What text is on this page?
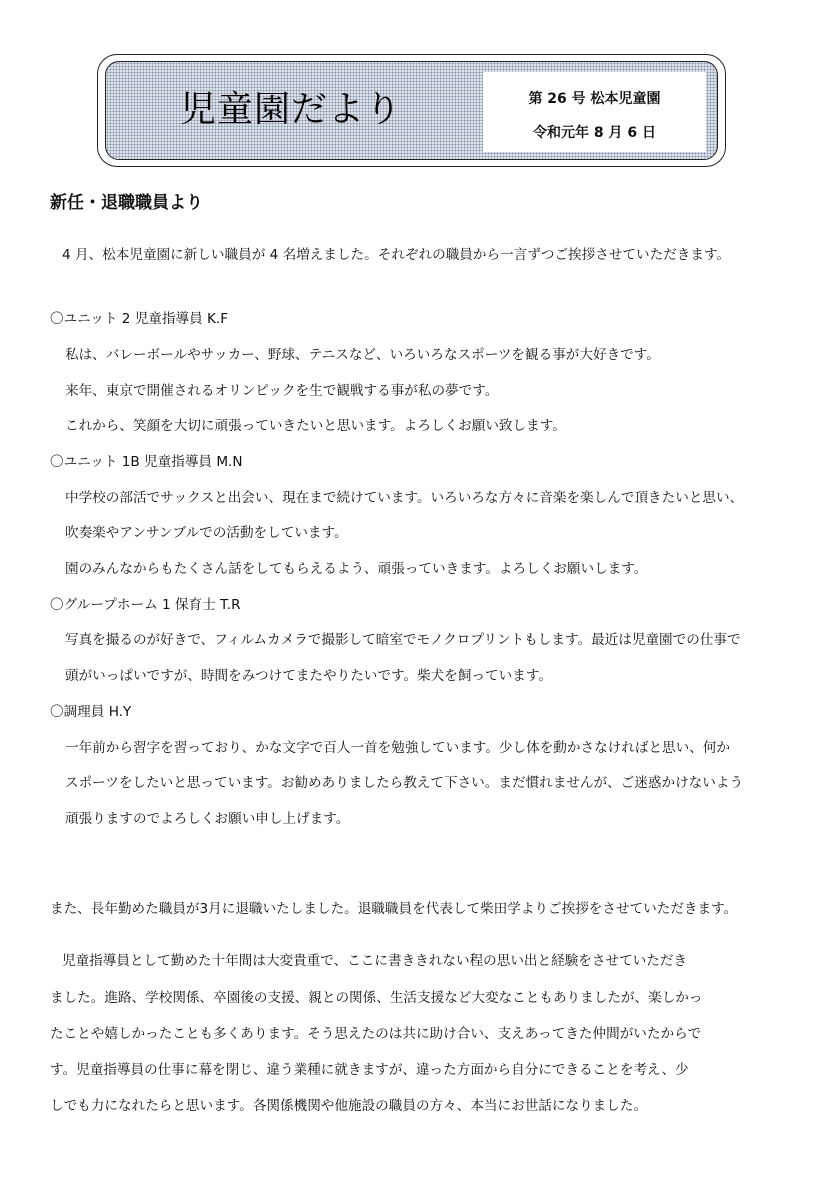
児童園だより	第 26 号 松本児童園
令和元年 8 月 6 日
新任・退職職員より
4 月、松本児童園に新しい職員が 4 名増えました。それぞれの職員から一言ずつご挨拶させていただきます。
〇ユニット 2 児童指導員 K.F
私は、バレーボールやサッカー、野球、テニスなど、いろいろなスポーツを観る事が大好きです。
来年、東京で開催されるオリンピックを生で観戦する事が私の夢です。
これから、笑顔を大切に頑張っていきたいと思います。よろしくお願い致します。
〇ユニット 1B 児童指導員 M.N
中学校の部活でサックスと出会い、現在まで続けています。いろいろな方々に音楽を楽しんで頂きたいと思い、
吹奏楽やアンサンブルでの活動をしています。
園のみんなからもたくさん話をしてもらえるよう、頑張っていきます。よろしくお願いします。
〇グループホーム 1 保育士 T.R
写真を撮るのが好きで、フィルムカメラで撮影して暗室でモノクロプリントもします。最近は児童園での仕事で
頭がいっぱいですが、時間をみつけてまたやりたいです。柴犬を飼っています。
〇調理員 H.Y
一年前から習字を習っており、かな文字で百人一首を勉強しています。少し体を動かさなければと思い、何か
スポーツをしたいと思っています。お勧めありましたら教えて下さい。まだ慣れませんが、ご迷惑かけないよう
頑張りますのでよろしくお願い申し上げます。
また、長年勤めた職員が3月に退職いたしました。退職職員を代表して柴田学よりご挨拶をさせていただきます。
児童指導員として勤めた十年間は大変貴重で、ここに書ききれない程の思い出と経験をさせていただき
ました。進路、学校関係、卒園後の支援、親との関係、生活支援など大変なこともありましたが、楽しかっ
たことや嬉しかったことも多くあります。そう思えたのは共に助け合い、支えあってきた仲間がいたからで
す。児童指導員の仕事に幕を閉じ、違う業種に就きますが、違った方面から自分にできることを考え、少
しでも力になれたらと思います。各関係機関や他施設の職員の方々、本当にお世話になりました。
